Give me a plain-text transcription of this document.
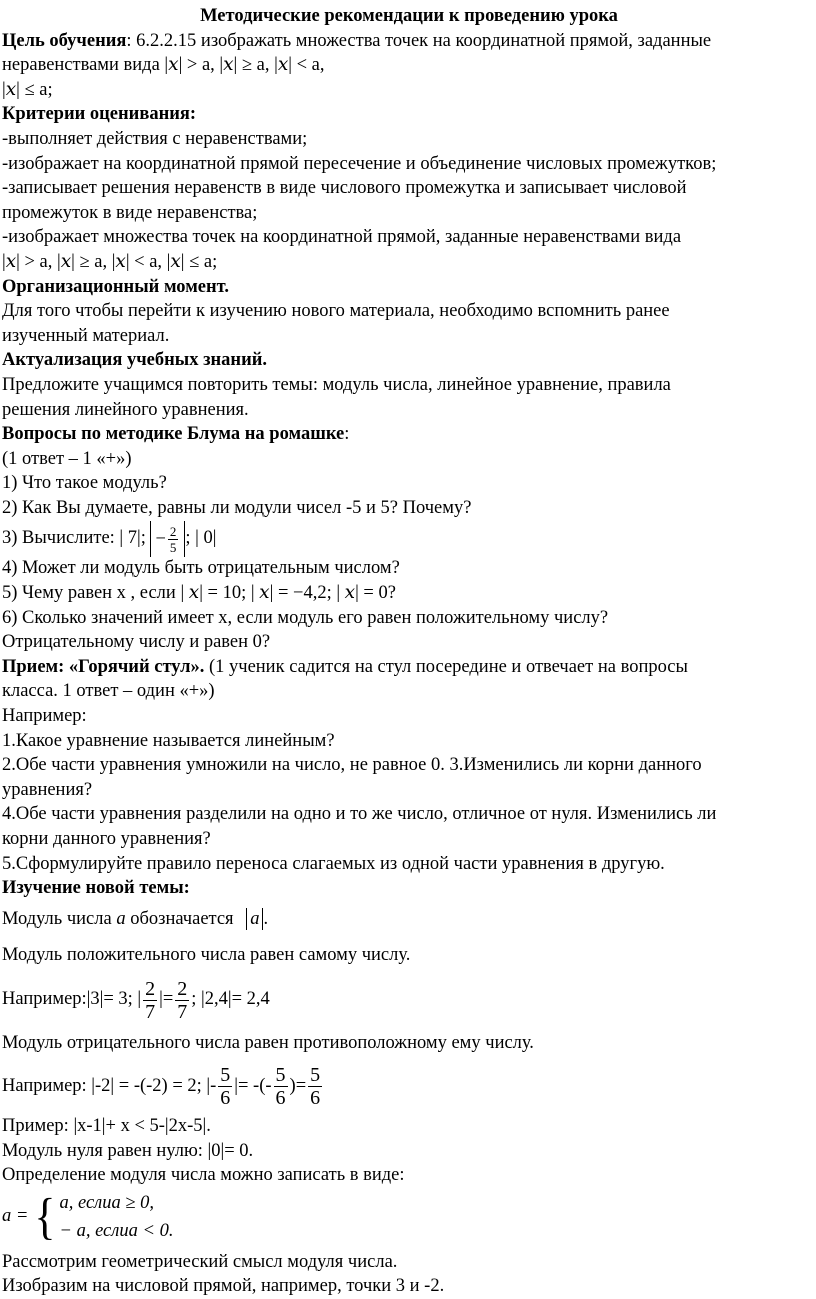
Методические рекомендации к проведению урока

Цель обучения: 6.2.2.15 изображать множества точек на координатной прямой, заданные

неравенствами вида |𝑥| > a, |𝑥| ≥ a, |𝑥| < a,

|𝑥| ≤ a;

Критерии оценивания:

-выполняет действия с неравенствами;

-изображает на координатной прямой пересечение и объединение числовых промежутков;

-записывает решения неравенств в виде числового промежутка и записывает числовой

промежуток в виде неравенства;

-изображает множества точек на координатной прямой, заданные неравенствами вида

|𝑥| > a, |𝑥| ≥ a, |𝑥| < a, |𝑥| ≤ a;

Организационный момент.

Для того чтобы перейти к изучению нового материала, необходимо вспомнить ранее

изученный материал.

Актуализация учебных знаний.

Предложите учащимся повторить темы: модуль числа, линейное уравнение, правила

решения линейного уравнения.

Вопросы по методике Блума на ромашке:

(1 ответ – 1 «+»)

1) Что такое модуль?

2) Как Вы думаете, равны ли модули чисел -5 и 5? Почему?

3) Вычислите: | 7|; − $\frac{2}{5}$ ; | 0|

4) Может ли модуль быть отрицательным числом?

5) Чему равен х , если | 𝑥| = 10; | 𝑥| = −4,2; | 𝑥| = 0?

6) Сколько значений имеет х, если модуль его равен положительному числу?

Отрицательному числу и равен 0?

Прием: «Горячий стул». (1 ученик садится на стул посередине и отвечает на вопросы

класса. 1 ответ – один «+»)

Например:

1.Какое уравнение называется линейным?

2.Обе части уравнения умножили на число, не равное 0. 3.Изменились ли корни данного

уравнения?

4.Обе части уравнения разделили на одно и то же число, отличное от нуля. Изменились ли

корни данного уравнения?

5.Сформулируйте правило переноса слагаемых из одной части уравнения в другую.

Изучение новой темы:

Модуль числа а обозначается a .

Модуль положительного числа равен самому числу.

Например:|3|= 3; | $\frac{2}{7}$ |= $\frac{2}{7}$ ; |2,4|= 2,4

Модуль отрицательного числа равен противоположному ему числу.

Например: |-2| = -(-2) = 2; |- $\frac{5}{6}$ |= -(- $\frac{5}{6}$ )= $\frac{5}{6}$

Пример: |х-1|+ х < 5-|2х-5|.

Модуль нуля равен нулю: |0|= 0.

Определение модуля числа можно записать в виде:

a = { a, еслиa ≥ 0,
− a, еслиa < 0.

Рассмотрим геометрический смысл модуля числа.

Изобразим на числовой прямой, например, точки 3 и -2.
